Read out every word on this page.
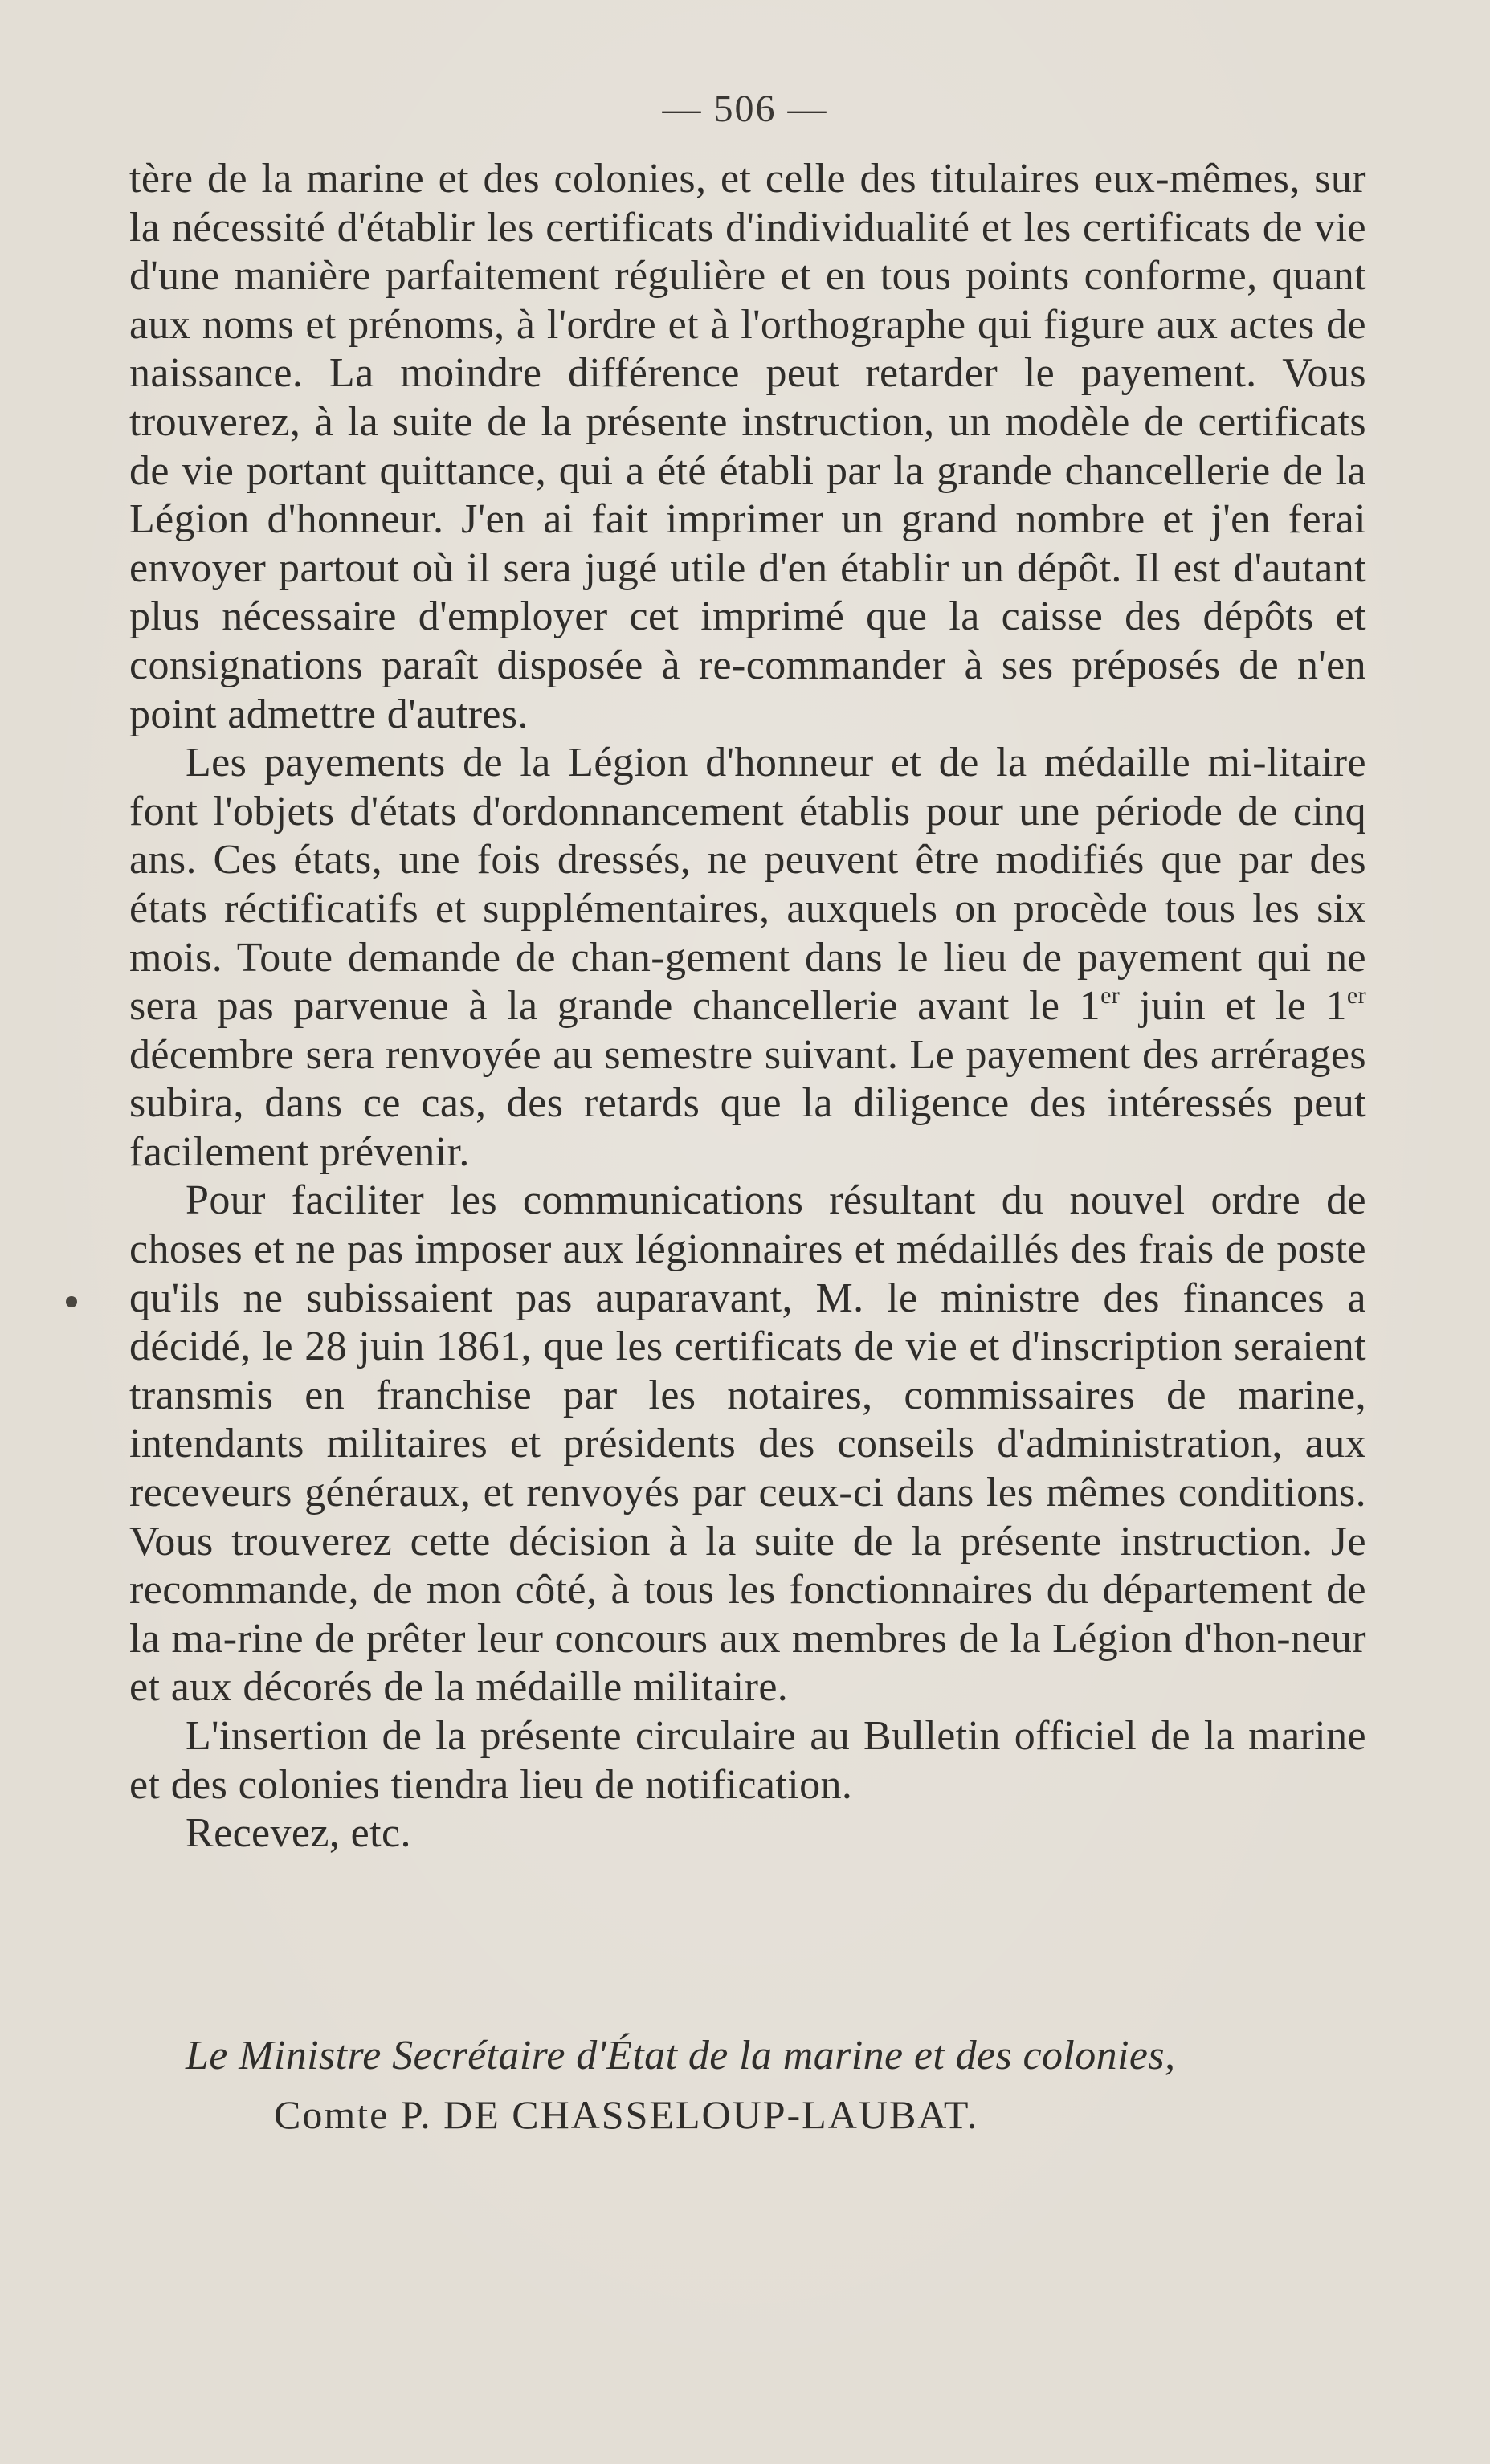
— 506 —

tère de la marine et des colonies, et celle des titulaires eux-mêmes, sur la nécessité d'établir les certificats d'individualité et les certificats de vie d'une manière parfaitement régulière et en tous points conforme, quant aux noms et prénoms, à l'ordre et à l'orthographe qui figure aux actes de naissance. La moindre différence peut retarder le payement. Vous trouverez, à la suite de la présente instruction, un modèle de certificats de vie portant quittance, qui a été établi par la grande chancellerie de la Légion d'honneur. J'en ai fait imprimer un grand nombre et j'en ferai envoyer partout où il sera jugé utile d'en établir un dépôt. Il est d'autant plus nécessaire d'employer cet imprimé que la caisse des dépôts et consignations paraît disposée à re-commander à ses préposés de n'en point admettre d'autres.

Les payements de la Légion d'honneur et de la médaille mi-litaire font l'objets d'états d'ordonnancement établis pour une période de cinq ans. Ces états, une fois dressés, ne peuvent être modifiés que par des états réctificatifs et supplémentaires, auxquels on procède tous les six mois. Toute demande de chan-gement dans le lieu de payement qui ne sera pas parvenue à la grande chancellerie avant le 1er juin et le 1er décembre sera renvoyée au semestre suivant. Le payement des arrérages subira, dans ce cas, des retards que la diligence des intéressés peut facilement prévenir.

Pour faciliter les communications résultant du nouvel ordre de choses et ne pas imposer aux légionnaires et médaillés des frais de poste qu'ils ne subissaient pas auparavant, M. le ministre des finances a décidé, le 28 juin 1861, que les certificats de vie et d'inscription seraient transmis en franchise par les notaires, commissaires de marine, intendants militaires et présidents des conseils d'administration, aux receveurs généraux, et renvoyés par ceux-ci dans les mêmes conditions. Vous trouverez cette décision à la suite de la présente instruction. Je recommande, de mon côté, à tous les fonctionnaires du département de la ma-rine de prêter leur concours aux membres de la Légion d'hon-neur et aux décorés de la médaille militaire.

L'insertion de la présente circulaire au Bulletin officiel de la marine et des colonies tiendra lieu de notification.

Recevez, etc.

Le Ministre Secrétaire d'État de la marine et des colonies,

Comte P. DE CHASSELOUP-LAUBAT.
